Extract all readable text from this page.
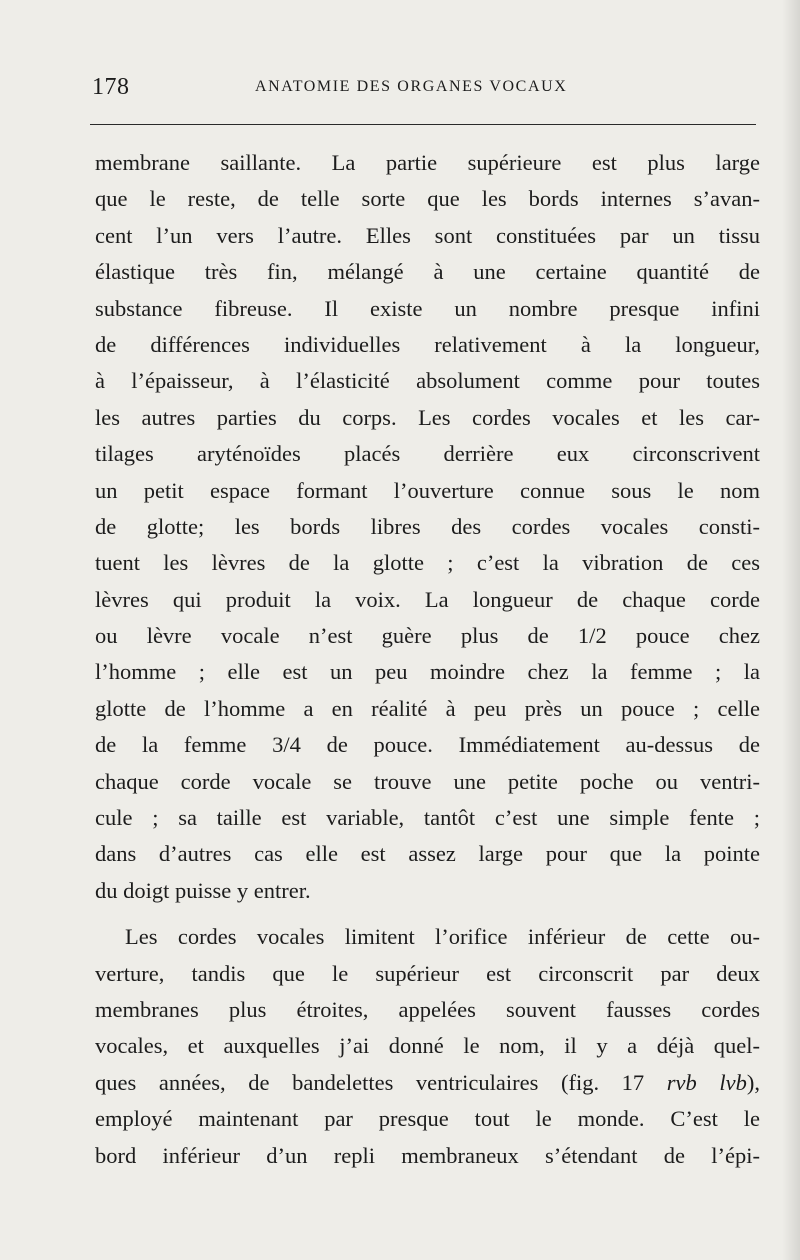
178	ANATOMIE DES ORGANES VOCAUX
membrane saillante. La partie supérieure est plus large
que le reste, de telle sorte que les bords internes s’avan-
cent l’un vers l’autre. Elles sont constituées par un tissu
élastique très fin, mélangé à une certaine quantité de
substance fibreuse. Il existe un nombre presque infini
de différences individuelles relativement à la longueur,
à l’épaisseur, à l’élasticité absolument comme pour toutes
les autres parties du corps. Les cordes vocales et les car-
tilages aryténoïdes placés derrière eux circonscrivent
un petit espace formant l’ouverture connue sous le nom
de glotte; les bords libres des cordes vocales consti-
tuent les lèvres de la glotte ; c’est la vibration de ces
lèvres qui produit la voix. La longueur de chaque corde
ou lèvre vocale n’est guère plus de 1/2 pouce chez
l’homme ; elle est un peu moindre chez la femme ; la
glotte de l’homme a en réalité à peu près un pouce ; celle
de la femme 3/4 de pouce. Immédiatement au-dessus de
chaque corde vocale se trouve une petite poche ou ventri-
cule ; sa taille est variable, tantôt c’est une simple fente ;
dans d’autres cas elle est assez large pour que la pointe
du doigt puisse y entrer.
Les cordes vocales limitent l’orifice inférieur de cette ou-
verture, tandis que le supérieur est circonscrit par deux
membranes plus étroites, appelées souvent fausses cordes
vocales, et auxquelles j’ai donné le nom, il y a déjà quel-
ques années, de bandelettes ventriculaires (fig. 17 rvb lvb),
employé maintenant par presque tout le monde. C’est le
bord inférieur d’un repli membraneux s’étendant de l’épi-
